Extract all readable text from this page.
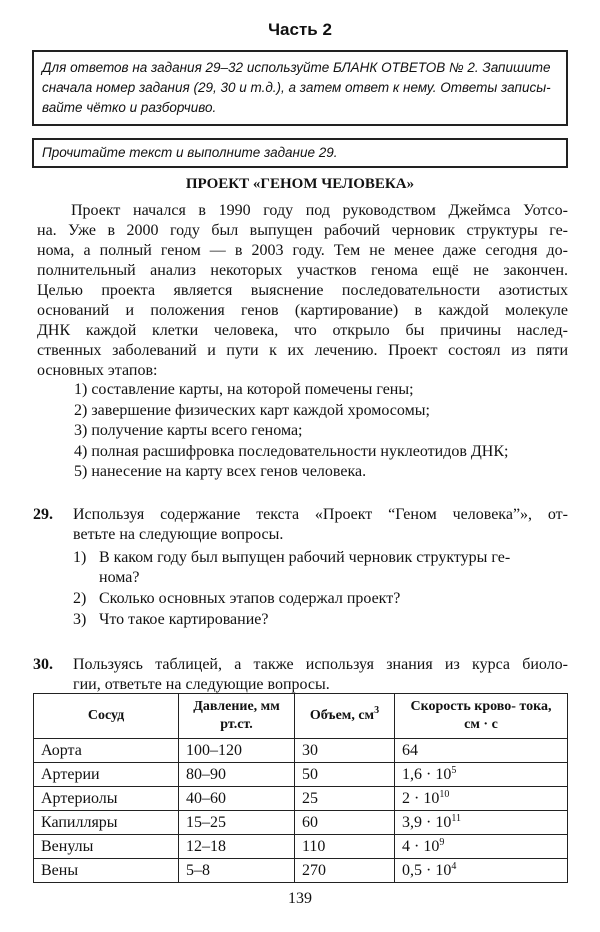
Часть 2
Для ответов на задания 29–32 используйте БЛАНК ОТВЕТОВ № 2. Запишите
сначала номер задания (29, 30 и т.д.), а затем ответ к нему. Ответы записы-
вайте чётко и разборчиво.
Прочитайте текст и выполните задание 29.
ПРОЕКТ «ГЕНОМ ЧЕЛОВЕКА»
Проект начался в 1990 году под руководством Джеймса Уотсо-
на. Уже в 2000 году был выпущен рабочий черновик структуры ге-
нома, а полный геном — в 2003 году. Тем не менее даже сегодня до-
полнительный анализ некоторых участков генома ещё не закончен.
Целью проекта является выяснение последовательности азотистых
оснований и положения генов (картирование) в каждой молекуле
ДНК каждой клетки человека, что открыло бы причины наслед-
ственных заболеваний и пути к их лечению. Проект состоял из пяти
основных этапов:
1) составление карты, на которой помечены гены;
2) завершение физических карт каждой хромосомы;
3) получение карты всего генома;
4) полная расшифровка последовательности нуклеотидов ДНК;
5) нанесение на карту всех генов человека.
29. Используя содержание текста «Проект “Геном человека”», от-
ветьте на следующие вопросы.
1) В каком году был выпущен рабочий черновик структуры ге-
нома?
2) Сколько основных этапов содержал проект?
3) Что такое картирование?
30. Пользуясь таблицей, а также используя знания из курса биоло-
гии, ответьте на следующие вопросы.
Сосуд	Давление, мм рт.ст.	Объем, $см^3$	Скорость крово- тока, см · с
Аорта	100–120	30	64
Артерии	80–90	50	$1,6 \cdot 10^5$
Артериолы	40–60	25	$2 \cdot 10^{10}$
Капилляры	15–25	60	$3,9 \cdot 10^{11}$
Венулы	12–18	110	$4 \cdot 10^9$
Вены	5–8	270	$0,5 \cdot 10^4$
139
